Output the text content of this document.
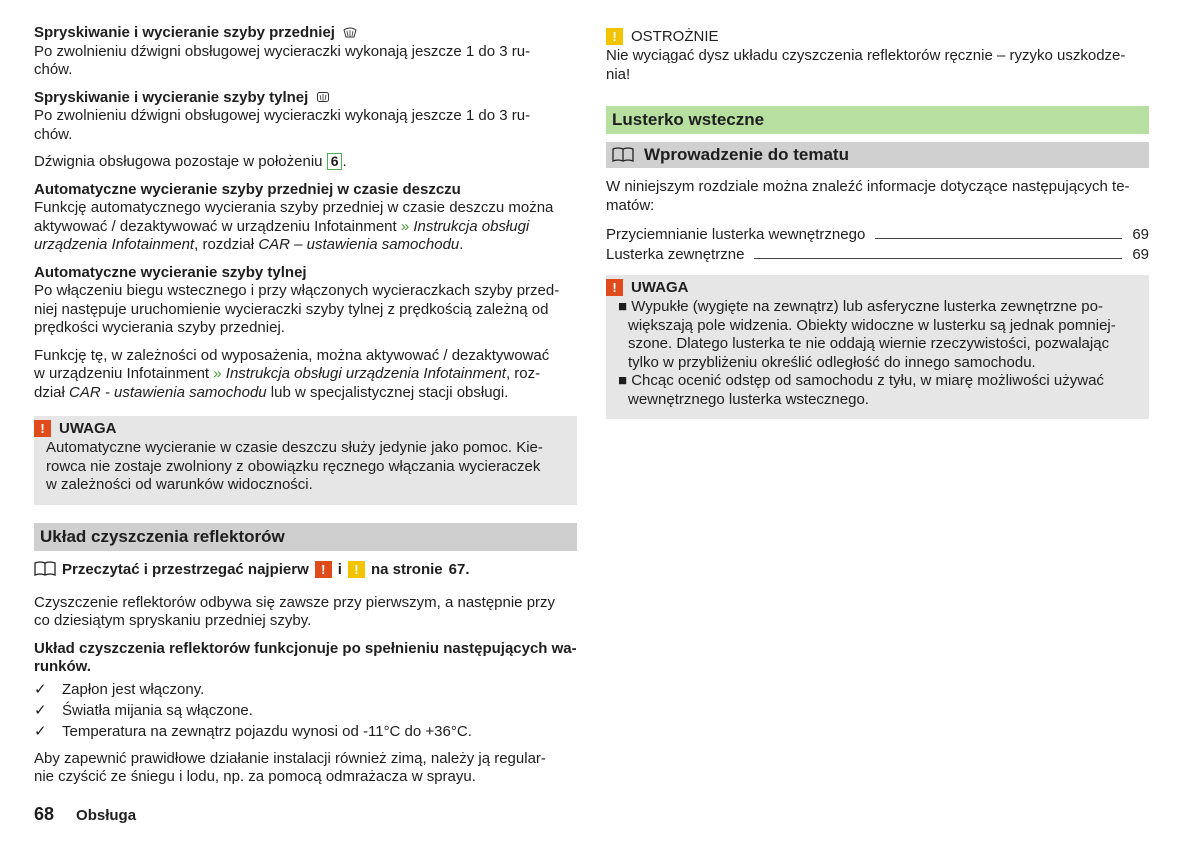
Spryskiwanie i wycieranie szyby przedniej

Po zwolnieniu dźwigni obsługowej wycieraczki wykonają jeszcze 1 do 3 ru-
chów.

Spryskiwanie i wycieranie szyby tylnej

Po zwolnieniu dźwigni obsługowej wycieraczki wykonają jeszcze 1 do 3 ru-
chów.

Dźwignia obsługowa pozostaje w położeniu 6 .

Automatyczne wycieranie szyby przedniej w czasie deszczu

Funkcję automatycznego wycierania szyby przedniej w czasie deszczu można
aktywować / dezaktywować w urządzeniu Infotainment » Instrukcja obsługi
urządzenia Infotainment, rozdział CAR – ustawienia samochodu.

Automatyczne wycieranie szyby tylnej

Po włączeniu biegu wstecznego i przy włączonych wycieraczkach szyby przed-
niej następuje uruchomienie wycieraczki szyby tylnej z prędkością zależną od
prędkości wycierania szyby przedniej.

Funkcję tę, w zależności od wyposażenia, można aktywować / dezaktywować
w urządzeniu Infotainment » Instrukcja obsługi urządzenia Infotainment, roz-
dział CAR - ustawienia samochodu lub w specjalistycznej stacji obsługi.

! UWAGA

Automatyczne wycieranie w czasie deszczu służy jedynie jako pomoc. Kie-
rowca nie zostaje zwolniony z obowiązku ręcznego włączania wycieraczek
w zależności od warunków widoczności.

Układ czyszczenia reflektorów
Przeczytać i przestrzegać najpierw ! i ! na stronie 67.

Czyszczenie reflektorów odbywa się zawsze przy pierwszym, a następnie przy
co dziesiątym spryskaniu przedniej szyby.

Układ czyszczenia reflektorów funkcjonuje po spełnieniu następujących wa-
runków.

✓ Zapłon jest włączony.
✓ Światła mijania są włączone.
✓ Temperatura na zewnątrz pojazdu wynosi od -11°C do +36°C.

Aby zapewnić prawidłowe działanie instalacji również zimą, należy ją regular-
nie czyścić ze śniegu i lodu, np. za pomocą odmrażacza w sprayu.

! OSTROŻNIE

Nie wyciągać dysz układu czyszczenia reflektorów ręcznie – ryzyko uszkodze-
nia!

Lusterko wsteczne
Wprowadzenie do tematu

W niniejszym rozdziale można znaleźć informacje dotyczące następujących te-
matów:

Przyciemnianie lusterka wewnętrznego	69
Lusterka zewnętrzne	69
! UWAGA
■ Wypukłe (wygięte na zewnątrz) lub asferyczne lusterka zewnętrzne po-
większają pole widzenia. Obiekty widoczne w lusterku są jednak pomniej-
szone. Dlatego lusterka te nie oddają wiernie rzeczywistości, pozwalając
tylko w przybliżeniu określić odległość do innego samochodu.
■ Chcąc ocenić odstęp od samochodu z tyłu, w miarę możliwości używać
wewnętrznego lusterka wstecznego.
68 Obsługa
